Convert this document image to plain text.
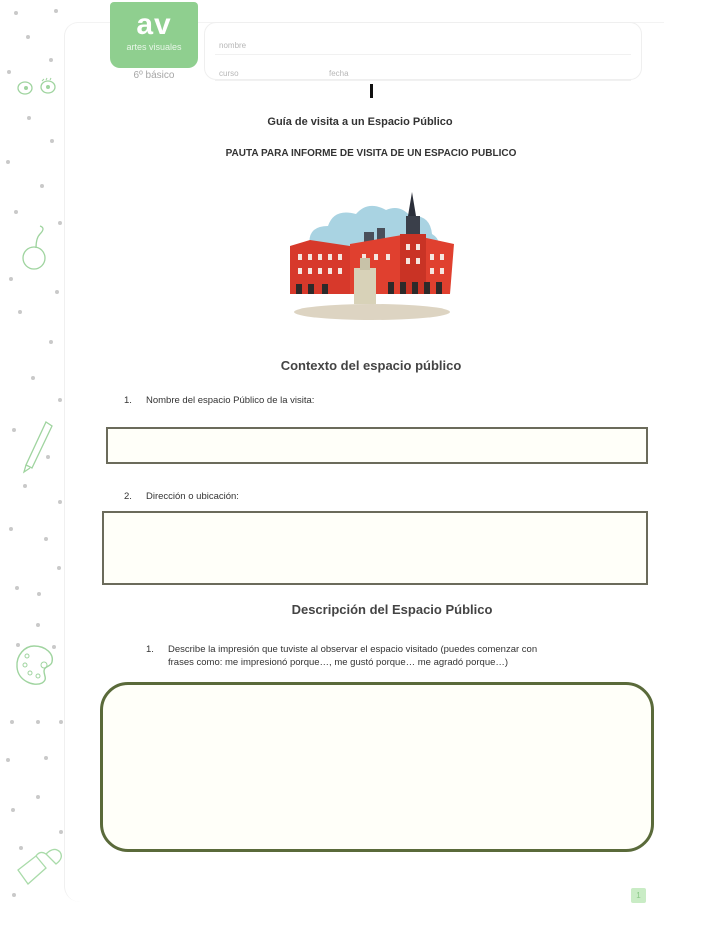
av
artes visuales
6º básico
nombre
curso	fecha
Guía de visita a un Espacio Público
PAUTA PARA INFORME DE VISITA DE UN ESPACIO PUBLICO
Contexto del espacio público
1. Nombre del espacio Público de la visita:
2. Dirección o ubicación:
Descripción del Espacio Público
1. Describe la impresión que tuviste al observar el espacio visitado (puedes comenzar con
frases como: me impresionó porque…, me gustó porque… me agradó porque…)
1
